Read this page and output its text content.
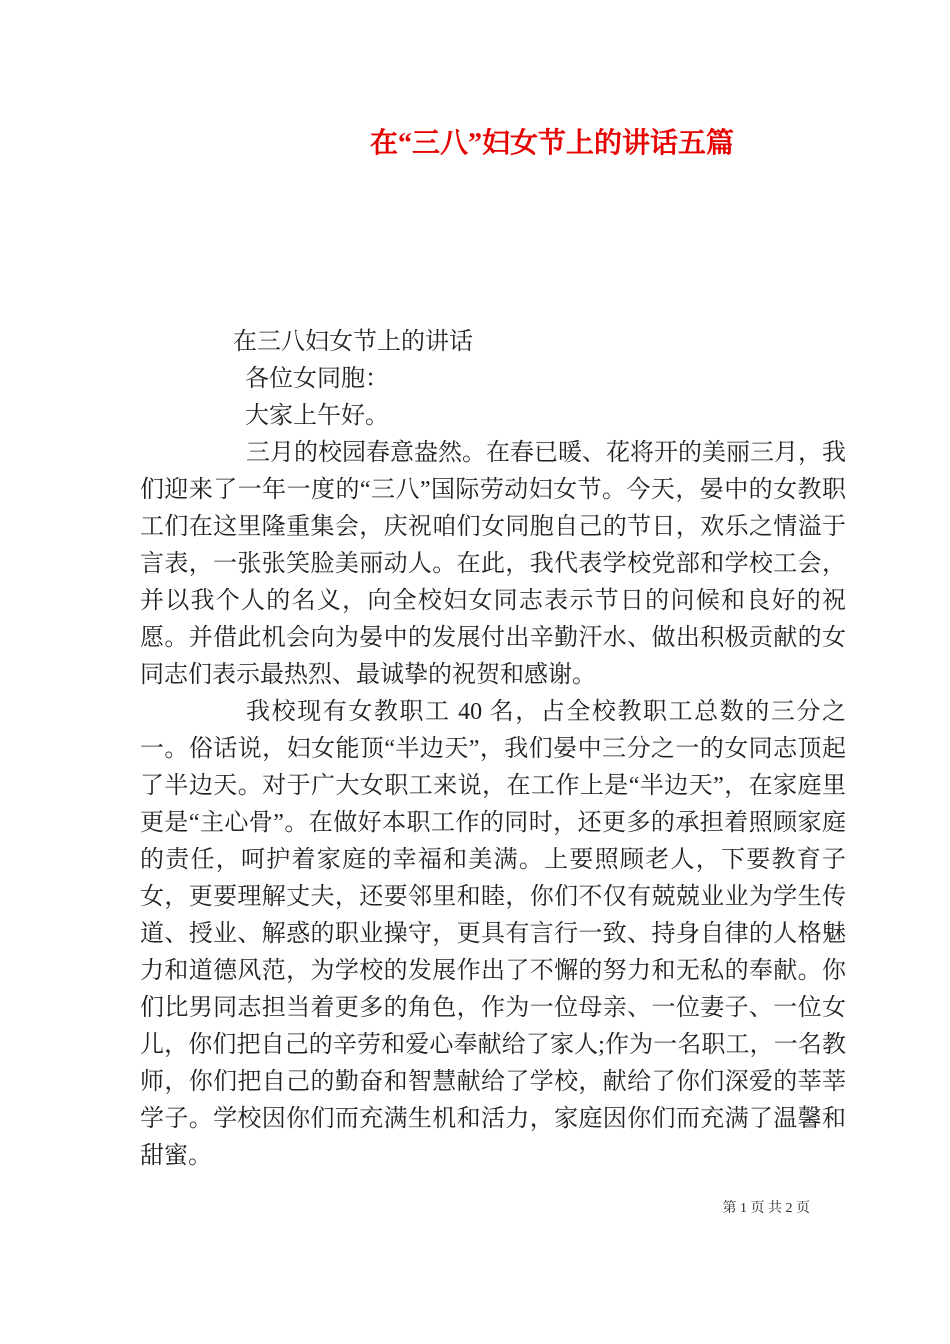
在“三八”妇女节上的讲话五篇
在三八妇女节上的讲话
各位女同胞：
大家上午好。

三月的校园春意盎然。在春已暖、花将开的美丽三月，我们迎来了一年一度的“三八”国际劳动妇女节。今天，晏中的女教职工们在这里隆重集会，庆祝咱们女同胞自己的节日，欢乐之情溢于言表，一张张笑脸美丽动人。在此，我代表学校党部和学校工会，并以我个人的名义，向全校妇女同志表示节日的问候和良好的祝愿。并借此机会向为晏中的发展付出辛勤汗水、做出积极贡献的女同志们表示最热烈、最诚挚的祝贺和感谢。

我校现有女教职工 40 名，占全校教职工总数的三分之一。俗话说，妇女能顶“半边天”，我们晏中三分之一的女同志顶起了半边天。对于广大女职工来说，在工作上是“半边天”，在家庭里更是“主心骨”。在做好本职工作的同时，还更多的承担着照顾家庭的责任，呵护着家庭的幸福和美满。上要照顾老人，下要教育子女，更要理解丈夫，还要邻里和睦，你们不仅有兢兢业业为学生传道、授业、解惑的职业操守，更具有言行一致、持身自律的人格魅力和道德风范，为学校的发展作出了不懈的努力和无私的奉献。你们比男同志担当着更多的角色，作为一位母亲、一位妻子、一位女儿，你们把自己的辛劳和爱心奉献给了家人;作为一名职工，一名教师，你们把自己的勤奋和智慧献给了学校，献给了你们深爱的莘莘学子。学校因你们而充满生机和活力，家庭因你们而充满了温馨和甜蜜。

第 1 页 共 2 页
